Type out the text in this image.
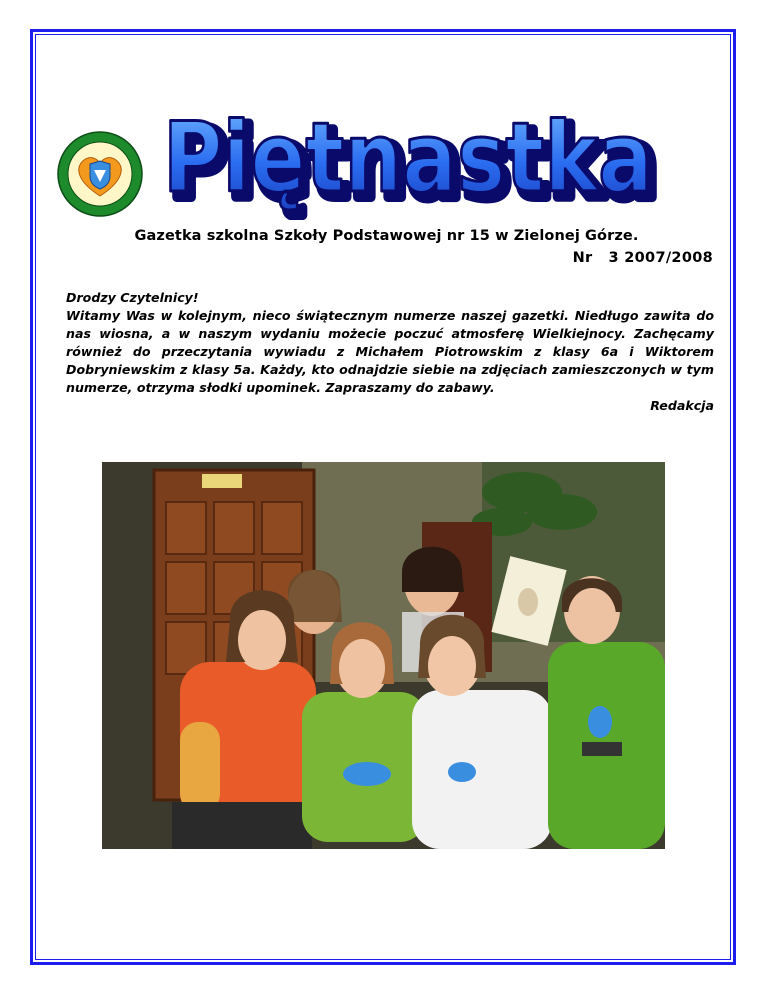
Piętnastka
Piętnastka
Gazetka szkolna Szkoły Podstawowej nr 15 w Zielonej Górze.
Nr   3 2007/2008
Drodzy Czytelnicy!
Witamy Was w kolejnym, nieco świątecznym numerze naszej gazetki. Niedługo zawita do nas wiosna, a w naszym wydaniu możecie poczuć atmosferę Wielkiejnocy. Zachęcamy również do przeczytania wywiadu z Michałem Piotrowskim z klasy 6a i Wiktorem Dobryniewskim z klasy 5a. Każdy, kto odnajdzie siebie na zdjęciach zamieszczonych w tym numerze, otrzyma słodki upominek. Zapraszamy do zabawy.
Redakcja
